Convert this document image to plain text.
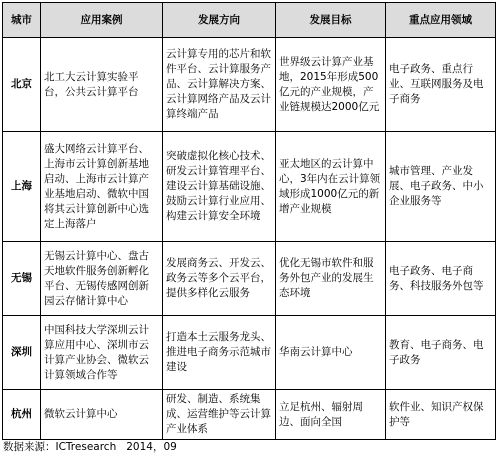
城市	应用案例	发展方向	发展目标	重点应用领域
北京	北工大云计算实验平台，公共云计算平台	云计算专用的芯片和软件平台、云计算服务产品、云计算解决方案、云计算网络产品及云计算终端产品	世界级云计算产业基地，2015年形成500亿元的产业规模，产业链规模达2000亿元	电子政务、重点行业、互联网服务及电子商务
上海	盛大网络云计算平台、上海市云计算创新基地启动、上海市云计算产业基地启动、微软中国将其云计算创新中心选定上海落户	突破虚拟化核心技术、研发云计算管理平台、建设云计算基础设施、鼓励云计算行业应用、构建云计算安全环境	亚太地区的云计算中心，3年内在云计算领域形成1000亿元的新增产业规模	城市管理、产业发展、电子政务、中小企业服务等
无锡	无锡云计算中心、盘古天地软件服务创新孵化平台、无锡传感网创新园云存储计算中心	发展商务云、开发云、政务云等多个云平台，提供多样化云服务	优化无锡市软件和服务外包产业的发展生态环境	电子政务、电子商务、科技服务外包等
深圳	中国科技大学深圳云计算应用中心、深圳市云计算产业协会、微软云计算领域合作等	打造本土云服务龙头、推进电子商务示范城市建设	华南云计算中心	教育、电子商务、电子政务
杭州	微软云计算中心	研发、制造、系统集成、运营维护等云计算产业体系	立足杭州、辐射周边、面向全国	软件业、知识产权保护等
数据来源：ICTresearch   2014，09
